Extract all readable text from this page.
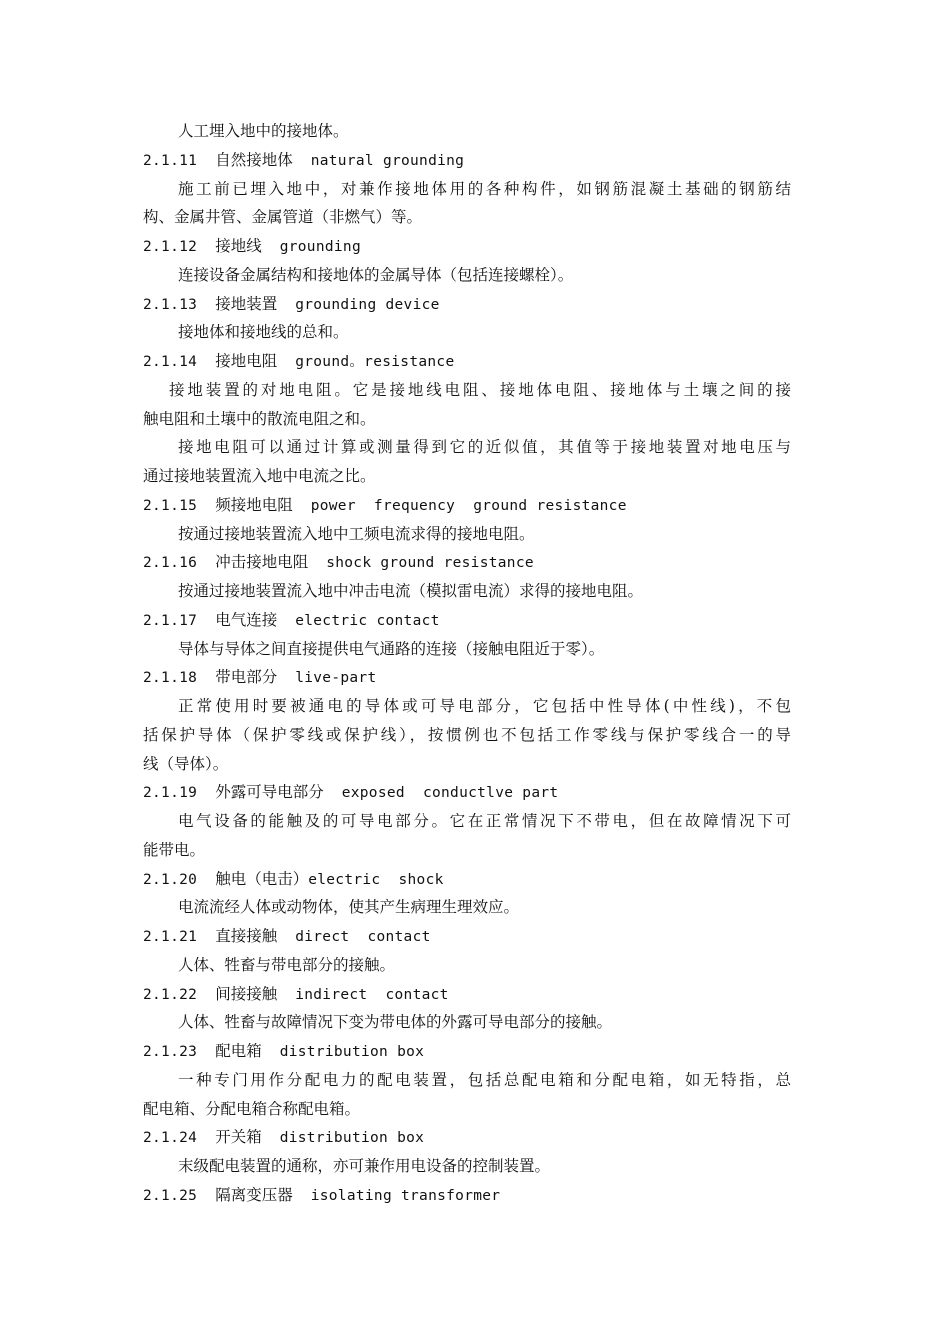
人工埋入地中的接地体。
2.1.11 自然接地体 natural grounding
施工前已埋入地中，对兼作接地体用的各种构件，如钢筋混凝土基础的钢筋结
构、金属井管、金属管道（非燃气）等。
2.1.12 接地线 grounding
连接设备金属结构和接地体的金属导体（包括连接螺栓）。
2.1.13 接地装置 grounding device
接地体和接地线的总和。
2.1.14 接地电阻 ground。resistance
接地装置的对地电阻。它是接地线电阻、接地体电阻、接地体与土壤之间的接
触电阻和土壤中的散流电阻之和。
接地电阻可以通过计算或测量得到它的近似值，其值等于接地装置对地电压与
通过接地装置流入地中电流之比。
2.1.15 频接地电阻 power  frequency  ground resistance
按通过接地装置流入地中工频电流求得的接地电阻。
2.1.16 冲击接地电阻 shock ground resistance
按通过接地装置流入地中冲击电流（模拟雷电流）求得的接地电阻。
2.1.17 电气连接 electric contact
导体与导体之间直接提供电气通路的连接（接触电阻近于零）。
2.1.18 带电部分 live-part
正常使用时要被通电的导体或可导电部分，它包括中性导体(中性线)，不包
括保护导体（保护零线或保护线），按惯例也不包括工作零线与保护零线合一的导
线（导体）。
2.1.19 外露可导电部分 exposed  conductlve part
电气设备的能触及的可导电部分。它在正常情况下不带电，但在故障情况下可
能带电。
2.1.20 触电（电击）electric  shock
电流流经人体或动物体，使其产生病理生理效应。
2.1.21 直接接触 direct  contact
人体、牲畜与带电部分的接触。
2.1.22 间接接触 indirect  contact
人体、牲畜与故障情况下变为带电体的外露可导电部分的接触。
2.1.23 配电箱 distribution box
一种专门用作分配电力的配电装置，包括总配电箱和分配电箱，如无特指，总
配电箱、分配电箱合称配电箱。
2.1.24 开关箱 distribution box
末级配电装置的通称，亦可兼作用电设备的控制装置。
2.1.25 隔离变压器 isolating transformer
